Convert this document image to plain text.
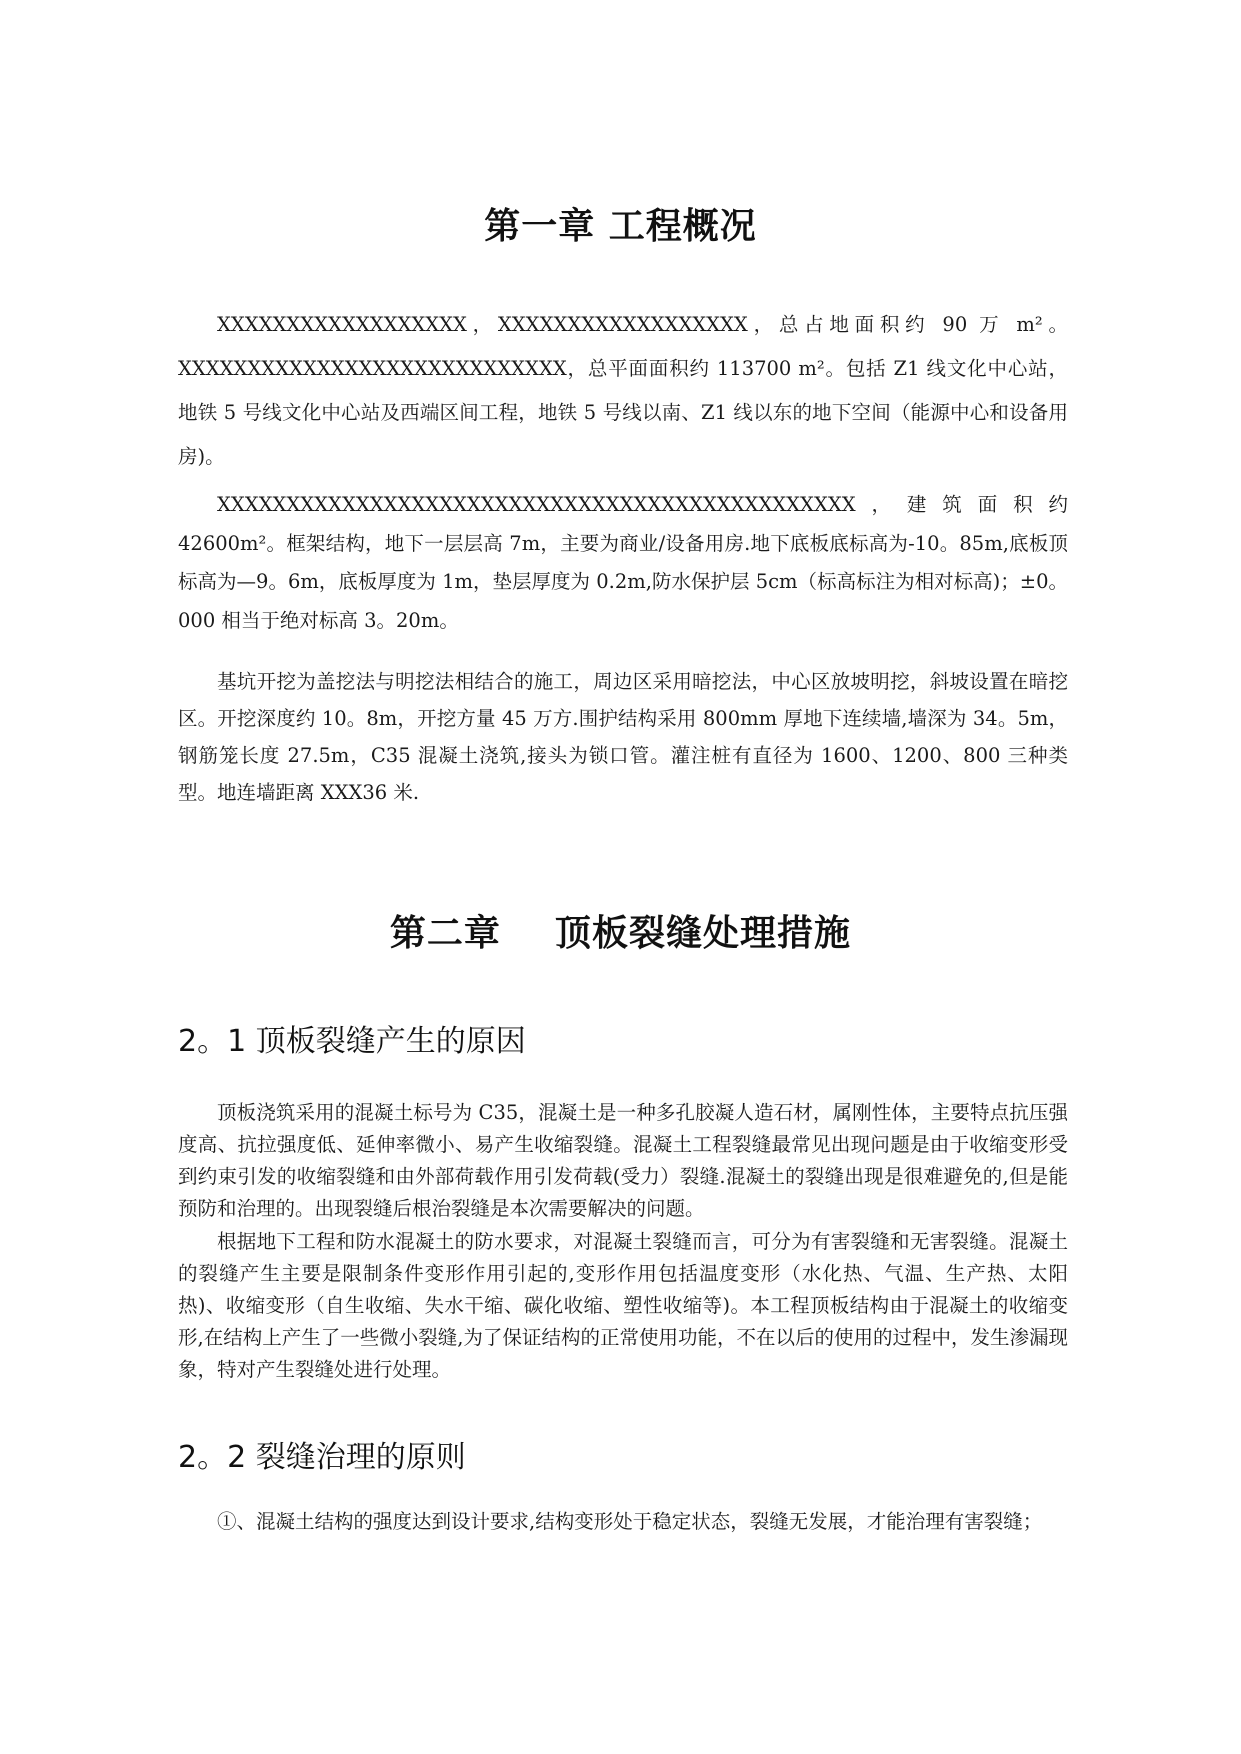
第一章 工程概况

XXXXXXXXXXXXXXXXXX，XXXXXXXXXXXXXXXXXX，总占地面积约 90 万 m²。XXXXXXXXXXXXXXXXXXXXXXXXXXXX，总平面面积约 113700 m²。包括 Z1 线文化中心站，地铁 5 号线文化中心站及西端区间工程，地铁 5 号线以南、Z1 线以东的地下空间（能源中心和设备用房)。

XXXXXXXXXXXXXXXXXXXXXXXXXXXXXXXXXXXXXXXXXXXXXX，建筑面积约 42600m²。框架结构，地下一层层高 7m，主要为商业/设备用房.地下底板底标高为-10。85m,底板顶标高为—9。6m，底板厚度为 1m，垫层厚度为 0.2m,防水保护层 5cm（标高标注为相对标高)；±0。000 相当于绝对标高 3。20m。

基坑开挖为盖挖法与明挖法相结合的施工，周边区采用暗挖法，中心区放坡明挖，斜坡设置在暗挖区。开挖深度约 10。8m，开挖方量 45 万方.围护结构采用 800mm 厚地下连续墙,墙深为 34。5m，钢筋笼长度 27.5m，C35 混凝土浇筑,接头为锁口管。灌注桩有直径为 1600、1200、800 三种类型。地连墙距离 XXX36 米.

第二章    顶板裂缝处理措施
2。1 顶板裂缝产生的原因

顶板浇筑采用的混凝土标号为 C35，混凝土是一种多孔胶凝人造石材，属刚性体，主要特点抗压强度高、抗拉强度低、延伸率微小、易产生收缩裂缝。混凝土工程裂缝最常见出现问题是由于收缩变形受到约束引发的收缩裂缝和由外部荷载作用引发荷载(受力）裂缝.混凝土的裂缝出现是很难避免的,但是能预防和治理的。出现裂缝后根治裂缝是本次需要解决的问题。

根据地下工程和防水混凝土的防水要求，对混凝土裂缝而言，可分为有害裂缝和无害裂缝。混凝土的裂缝产生主要是限制条件变形作用引起的,变形作用包括温度变形（水化热、气温、生产热、太阳热)、收缩变形（自生收缩、失水干缩、碳化收缩、塑性收缩等)。本工程顶板结构由于混凝土的收缩变形,在结构上产生了一些微小裂缝,为了保证结构的正常使用功能，不在以后的使用的过程中，发生渗漏现象，特对产生裂缝处进行处理。

2。2 裂缝治理的原则

①、混凝土结构的强度达到设计要求,结构变形处于稳定状态，裂缝无发展，才能治理有害裂缝；
